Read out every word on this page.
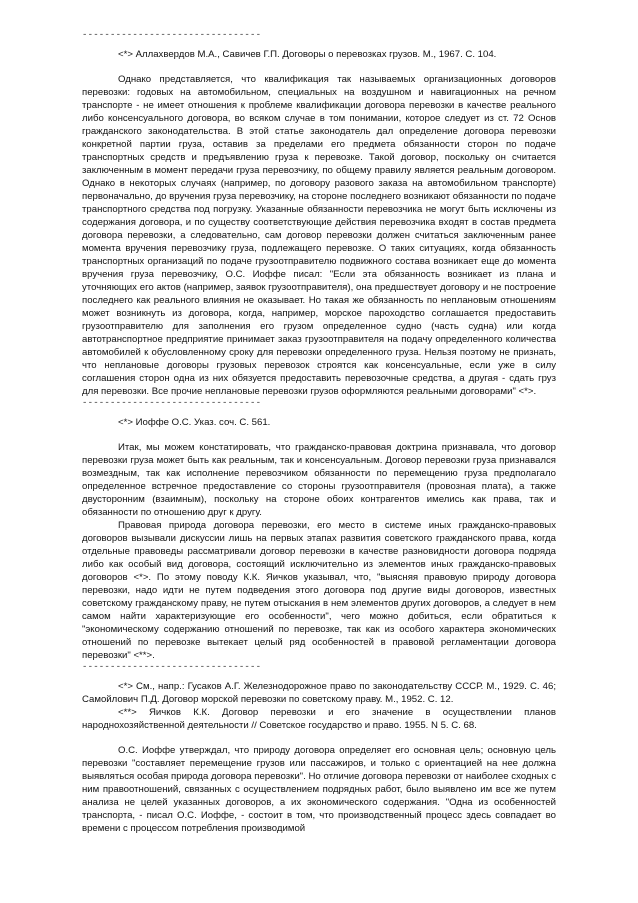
--------------------------------

<*> Аллахвердов М.А., Савичев Г.П. Договоры о перевозках грузов. М., 1967. С. 104.

Однако представляется, что квалификация так называемых организационных договоров перевозки: годовых на автомобильном, специальных на воздушном и навигационных на речном транспорте - не имеет отношения к проблеме квалификации договора перевозки в качестве реального либо консенсуального договора, во всяком случае в том понимании, которое следует из ст. 72 Основ гражданского законодательства. В этой статье законодатель дал определение договора перевозки конкретной партии груза, оставив за пределами его предмета обязанности сторон по подаче транспортных средств и предъявлению груза к перевозке. Такой договор, поскольку он считается заключенным в момент передачи груза перевозчику, по общему правилу является реальным договором. Однако в некоторых случаях (например, по договору разового заказа на автомобильном транспорте) первоначально, до вручения груза перевозчику, на стороне последнего возникают обязанности по подаче транспортного средства под погрузку. Указанные обязанности перевозчика не могут быть исключены из содержания договора, и по существу соответствующие действия перевозчика входят в состав предмета договора перевозки, а следовательно, сам договор перевозки должен считаться заключенным ранее момента вручения перевозчику груза, подлежащего перевозке. О таких ситуациях, когда обязанность транспортных организаций по подаче грузоотправителю подвижного состава возникает еще до момента вручения груза перевозчику, О.С. Иоффе писал: "Если эта обязанность возникает из плана и уточняющих его актов (например, заявок грузоотправителя), она предшествует договору и не построение последнего как реального влияния не оказывает. Но такая же обязанность по неплановым отношениям может возникнуть из договора, когда, например, морское пароходство соглашается предоставить грузоотправителю для заполнения его грузом определенное судно (часть судна) или когда автотранспортное предприятие принимает заказ грузоотправителя на подачу определенного количества автомобилей к обусловленному сроку для перевозки определенного груза. Нельзя поэтому не признать, что неплановые договоры грузовых перевозок строятся как консенсуальные, если уже в силу соглашения сторон одна из них обязуется предоставить перевозочные средства, а другая - сдать груз для перевозки. Все прочие неплановые перевозки грузов оформляются реальными договорами" <*>.

--------------------------------

<*> Иоффе О.С. Указ. соч. С. 561.

Итак, мы можем констатировать, что гражданско-правовая доктрина признавала, что договор перевозки груза может быть как реальным, так и консенсуальным. Договор перевозки груза признавался возмездным, так как исполнение перевозчиком обязанности по перемещению груза предполагало определенное встречное предоставление со стороны грузоотправителя (провозная плата), а также двусторонним (взаимным), поскольку на стороне обоих контрагентов имелись как права, так и обязанности по отношению друг к другу.

Правовая природа договора перевозки, его место в системе иных гражданско-правовых договоров вызывали дискуссии лишь на первых этапах развития советского гражданского права, когда отдельные правоведы рассматривали договор перевозки в качестве разновидности договора подряда либо как особый вид договора, состоящий исключительно из элементов иных гражданско-правовых договоров <*>. По этому поводу К.К. Яичков указывал, что, "выясняя правовую природу договора перевозки, надо идти не путем подведения этого договора под другие виды договоров, известных советскому гражданскому праву, не путем отыскания в нем элементов других договоров, а следует в нем самом найти характеризующие его особенности", чего можно добиться, если обратиться к "экономическому содержанию отношений по перевозке, так как из особого характера экономических отношений по перевозке вытекает целый ряд особенностей в правовой регламентации договора перевозки" <**>.

--------------------------------

<*> См., напр.: Гусаков А.Г. Железнодорожное право по законодательству СССР. М., 1929. С. 46; Самойлович П.Д. Договор морской перевозки по советскому праву. М., 1952. С. 12.

<**> Яичков К.К. Договор перевозки и его значение в осуществлении планов народнохозяйственной деятельности // Советское государство и право. 1955. N 5. С. 68.

О.С. Иоффе утверждал, что природу договора определяет его основная цель; основную цель перевозки "составляет перемещение грузов или пассажиров, и только с ориентацией на нее должна выявляться особая природа договора перевозки". Но отличие договора перевозки от наиболее сходных с ним правоотношений, связанных с осуществлением подрядных работ, было выявлено им все же путем анализа не целей указанных договоров, а их экономического содержания. "Одна из особенностей транспорта, - писал О.С. Иоффе, - состоит в том, что производственный процесс здесь совпадает во времени с процессом потребления производимой
